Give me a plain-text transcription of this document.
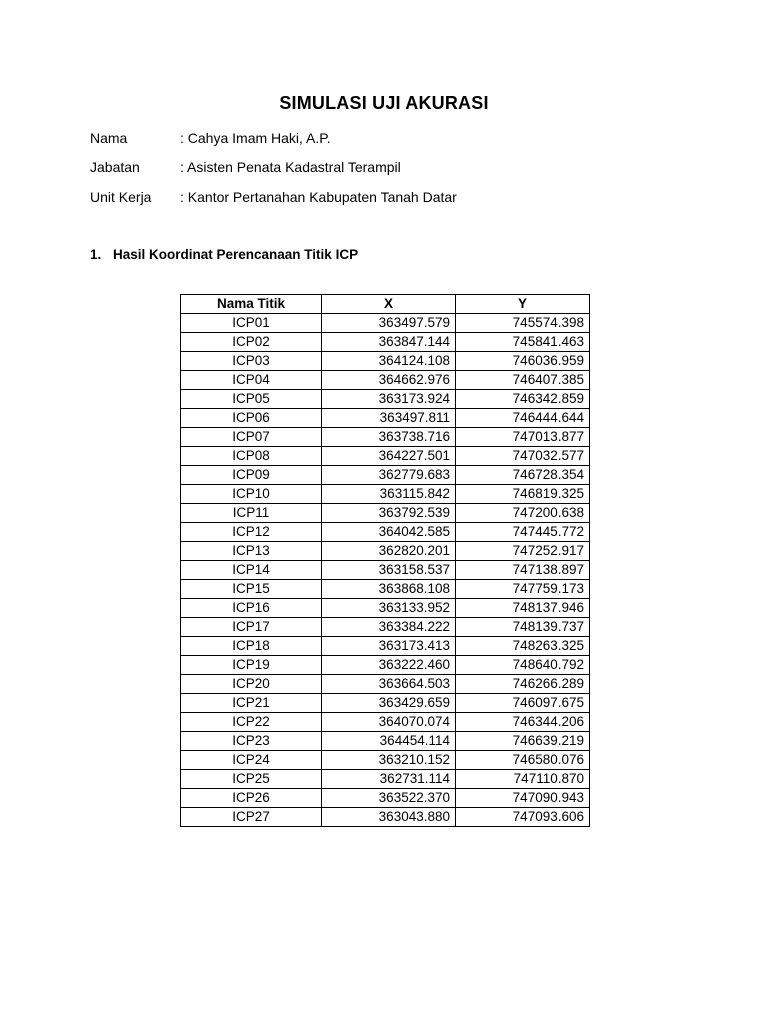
SIMULASI UJI AKURASI
Nama	: Cahya Imam Haki, A.P.
Jabatan	: Asisten Penata Kadastral Terampil
Unit Kerja : Kantor Pertanahan Kabupaten Tanah Datar
1. Hasil Koordinat Perencanaan Titik ICP
Nama Titik	X	Y
ICP01	363497.579	745574.398
ICP02	363847.144	745841.463
ICP03	364124.108	746036.959
ICP04	364662.976	746407.385
ICP05	363173.924	746342.859
ICP06	363497.811	746444.644
ICP07	363738.716	747013.877
ICP08	364227.501	747032.577
ICP09	362779.683	746728.354
ICP10	363115.842	746819.325
ICP11	363792.539	747200.638
ICP12	364042.585	747445.772
ICP13	362820.201	747252.917
ICP14	363158.537	747138.897
ICP15	363868.108	747759.173
ICP16	363133.952	748137.946
ICP17	363384.222	748139.737
ICP18	363173.413	748263.325
ICP19	363222.460	748640.792
ICP20	363664.503	746266.289
ICP21	363429.659	746097.675
ICP22	364070.074	746344.206
ICP23	364454.114	746639.219
ICP24	363210.152	746580.076
ICP25	362731.114	747110.870
ICP26	363522.370	747090.943
ICP27	363043.880	747093.606
